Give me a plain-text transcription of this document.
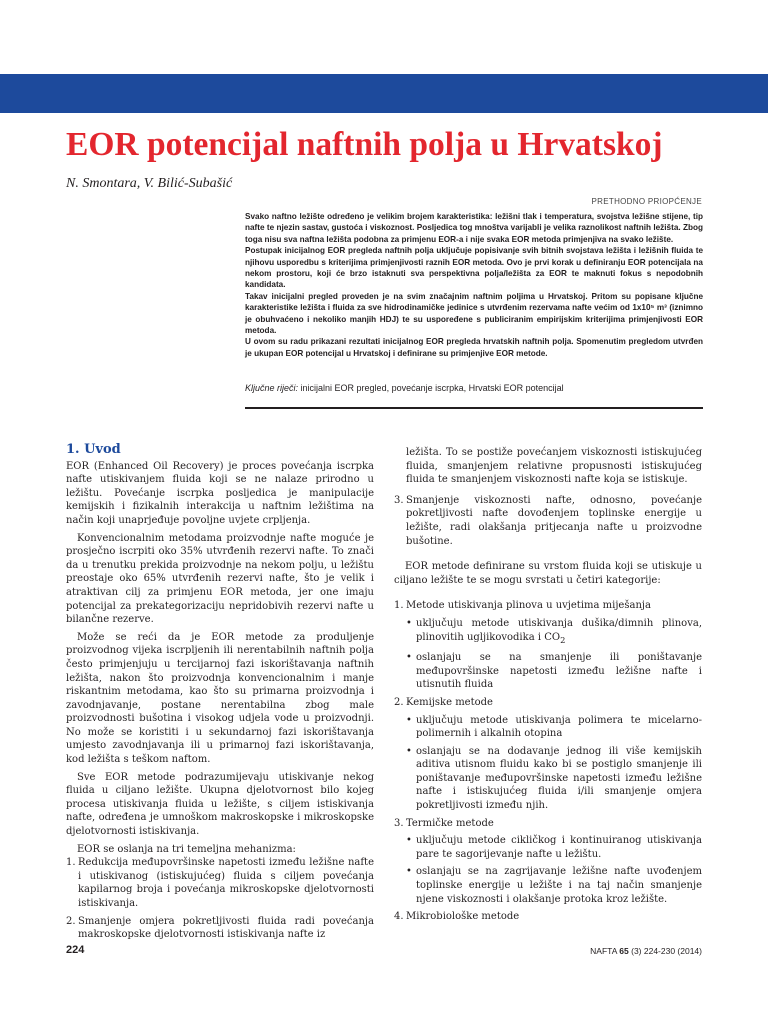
EOR potencijal naftnih polja u Hrvatskoj
N. Smontara, V. Bilić-Subašić
PRETHODNO PRIOPĆENJE

Svako naftno ležište određeno je velikim brojem karakteristika: ležišni tlak i temperatura, svojstva ležišne stijene, tip nafte te njezin sastav, gustoća i viskoznost. Posljedica tog mnoštva varijabli je velika raznolikost naftnih ležišta. Zbog toga nisu sva naftna ležišta podobna za primjenu EOR-a i nije svaka EOR metoda primjenjiva na svako ležište.

Postupak inicijalnog EOR pregleda naftnih polja uključuje popisivanje svih bitnih svojstava ležišta i ležišnih fluida te njihovu usporedbu s kriterijima primjenjivosti raznih EOR metoda. Ovo je prvi korak u definiranju EOR potencijala na nekom prostoru, koji će brzo istaknuti sva perspektivna polja/ležišta za EOR te maknuti fokus s nepodobnih kandidata.

Takav inicijalni pregled proveden je na svim značajnim naftnim poljima u Hrvatskoj. Pritom su popisane ključne karakteristike ležišta i fluida za sve hidrodinamičke jedinice s utvrđenim rezervama nafte većim od 1x10⁵ m³ (iznimno je obuhvaćeno i nekoliko manjih HDJ) te su uspoređene s publiciranim empirijskim kriterijima primjenjivosti EOR metoda.

U ovom su radu prikazani rezultati inicijalnog EOR pregleda hrvatskih naftnih polja. Spomenutim pregledom utvrđen je ukupan EOR potencijal u Hrvatskoj i definirane su primjenjive EOR metode.

Ključne riječi: inicijalni EOR pregled, povećanje iscrpka, Hrvatski EOR potencijal
1. Uvod

EOR (Enhanced Oil Recovery) je proces povećanja iscrpka nafte utiskivanjem fluida koji se ne nalaze prirodno u ležištu. Povećanje iscrpka posljedica je manipulacije kemijskih i fizikalnih interakcija u naftnim ležištima na način koji unaprjeđuje povoljne uvjete crpljenja.

Konvencionalnim metodama proizvodnje nafte moguće je prosječno iscrpiti oko 35% utvrđenih rezervi nafte. To znači da u trenutku prekida proizvodnje na nekom polju, u ležištu preostaje oko 65% utvrđenih rezervi nafte, što je velik i atraktivan cilj za primjenu EOR metoda, jer one imaju potencijal za prekategorizaciju nepridobivih rezervi nafte u bilančne rezerve.

Može se reći da je EOR metode za produljenje proizvodnog vijeka iscrpljenih ili nerentabilnih naftnih polja često primjenjuju u tercijarnoj fazi iskorištavanja naftnih ležišta, nakon što proizvodnja konvencionalnim i manje riskantnim metodama, kao što su primarna proizvodnja i zavodnjavanje, postane nerentabilna zbog male proizvodnosti bušotina i visokog udjela vode u proizvodnji. No može se koristiti i u sekundarnoj fazi iskorištavanja umjesto zavodnjavanja ili u primarnoj fazi iskorištavanja, kod ležišta s teškom naftom.

Sve EOR metode podrazumijevaju utiskivanje nekog fluida u ciljano ležište. Ukupna djelotvornost bilo kojeg procesa utiskivanja fluida u ležište, s ciljem istiskivanja nafte, određena je umnoškom makroskopske i mikroskopske djelotvornosti istiskivanja.

EOR se oslanja na tri temeljna mehanizma:

1. Redukcija međupovršinske napetosti između ležišne nafte i utiskivanog (istiskujućeg) fluida s ciljem povećanja kapilarnog broja i povećanja mikroskopske djelotvornosti istiskivanja.
2. Smanjenje omjera pokretljivosti fluida radi povećanja makroskopske djelotvornosti istiskivanja nafte iz
ležišta. To se postiže povećanjem viskoznosti istiskujućeg fluida, smanjenjem relativne propusnosti istiskujućeg fluida te smanjenjem viskoznosti nafte koja se istiskuje.
3. Smanjenje viskoznosti nafte, odnosno, povećanje pokretljivosti nafte dovođenjem toplinske energije u ležište, radi olakšanja pritjecanja nafte u proizvodne bušotine.

EOR metode definirane su vrstom fluida koji se utiskuje u ciljano ležište te se mogu svrstati u četiri kategorije:

1. Metode utiskivanja plinova u uvjetima miješanja
• uključuju metode utiskivanja dušika/dimnih plinova, plinovitih ugljikovodika i $CO_2$
• oslanjaju se na smanjenje ili poništavanje međupovršinske napetosti između ležišne nafte i utisnutih fluida
2. Kemijske metode
• uključuju metode utiskivanja polimera te micelarno-polimernih i alkalnih otopina
• oslanjaju se na dodavanje jednog ili više kemijskih aditiva utisnom fluidu kako bi se postiglo smanjenje ili poništavanje međupovršinske napetosti između ležišne nafte i istiskujućeg fluida i/ili smanjenje omjera pokretljivosti između njih.
3. Termičke metode
• uključuju metode cikličkog i kontinuiranog utiskivanja pare te sagorijevanje nafte u ležištu.
• oslanjaju se na zagrijavanje ležišne nafte uvođenjem toplinske energije u ležište i na taj način smanjenje njene viskoznosti i olakšanje protoka kroz ležište.
4. Mikrobiološke metode
224	NAFTA 65 (3) 224-230 (2014)
